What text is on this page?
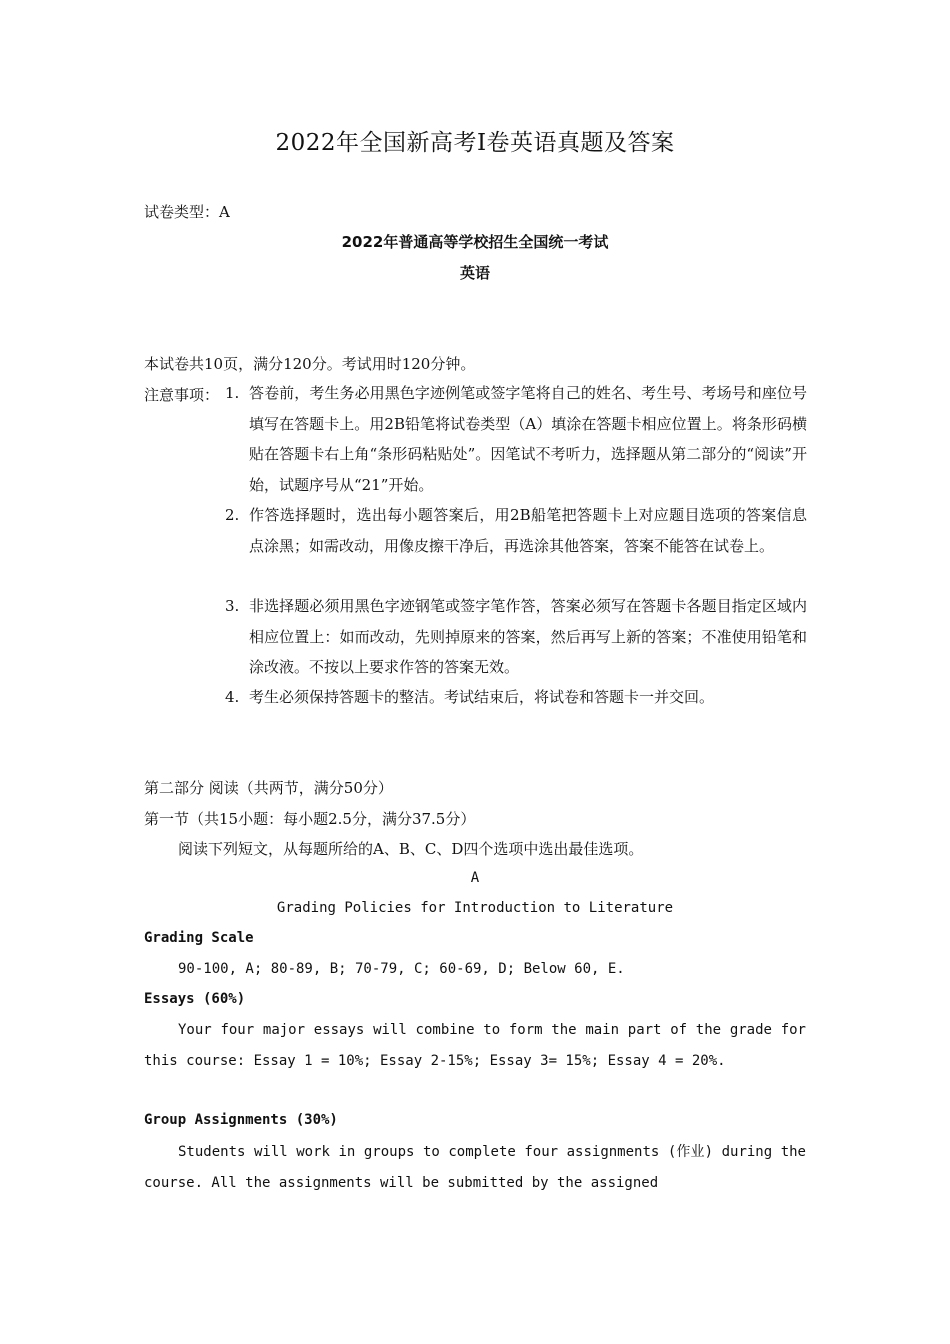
2022年全国新高考Ⅰ卷英语真题及答案
试卷类型：A
2022年普通高等学校招生全国统一考试
英语
本试卷共10页，满分120分。考试用时120分钟。
注意事项： 1. 答卷前，考生务必用黑色字迹例笔或签字笔将自己的姓名、考生号、考场号和座位号填写在答题卡上。用2B铅笔将试卷类型（A）填涂在答题卡相应位置上。将条形码横贴在答题卡右上角“条形码粘贴处”。因笔试不考听力，选择题从第二部分的“阅读”开始，试题序号从“21”开始。
2. 作答选择题时，选出每小题答案后，用2B船笔把答题卡上对应题目选项的答案信息点涂黑；如需改动，用像皮擦干净后，再选涂其他答案，答案不能答在试卷上。
3. 非选择题必须用黑色字迹钢笔或签字笔作答，答案必须写在答题卡各题目指定区域内相应位置上：如而改动，先则掉原来的答案，然后再写上新的答案；不准使用铅笔和涂改液。不按以上要求作答的答案无效。
4. 考生必须保持答题卡的整洁。考试结束后，将试卷和答题卡一并交回。
第二部分 阅读（共两节，满分50分）
第一节（共15小题：每小题2.5分，满分37.5分）
阅读下列短文，从每题所给的A、B、C、D四个选项中选出最佳选项。
A
Grading Policies for Introduction to Literature
Grading Scale
90-100, A; 80-89, B; 70-79, C; 60-69, D; Below 60, E.
Essays (60%)
Your four major essays will combine to form the main part of the grade for this course: Essay 1 = 10%; Essay 2-15%; Essay 3= 15%; Essay 4 = 20%.
Group Assignments (30%)
Students will work in groups to complete four assignments (作业) during the course. All the assignments will be submitted by the assigned
